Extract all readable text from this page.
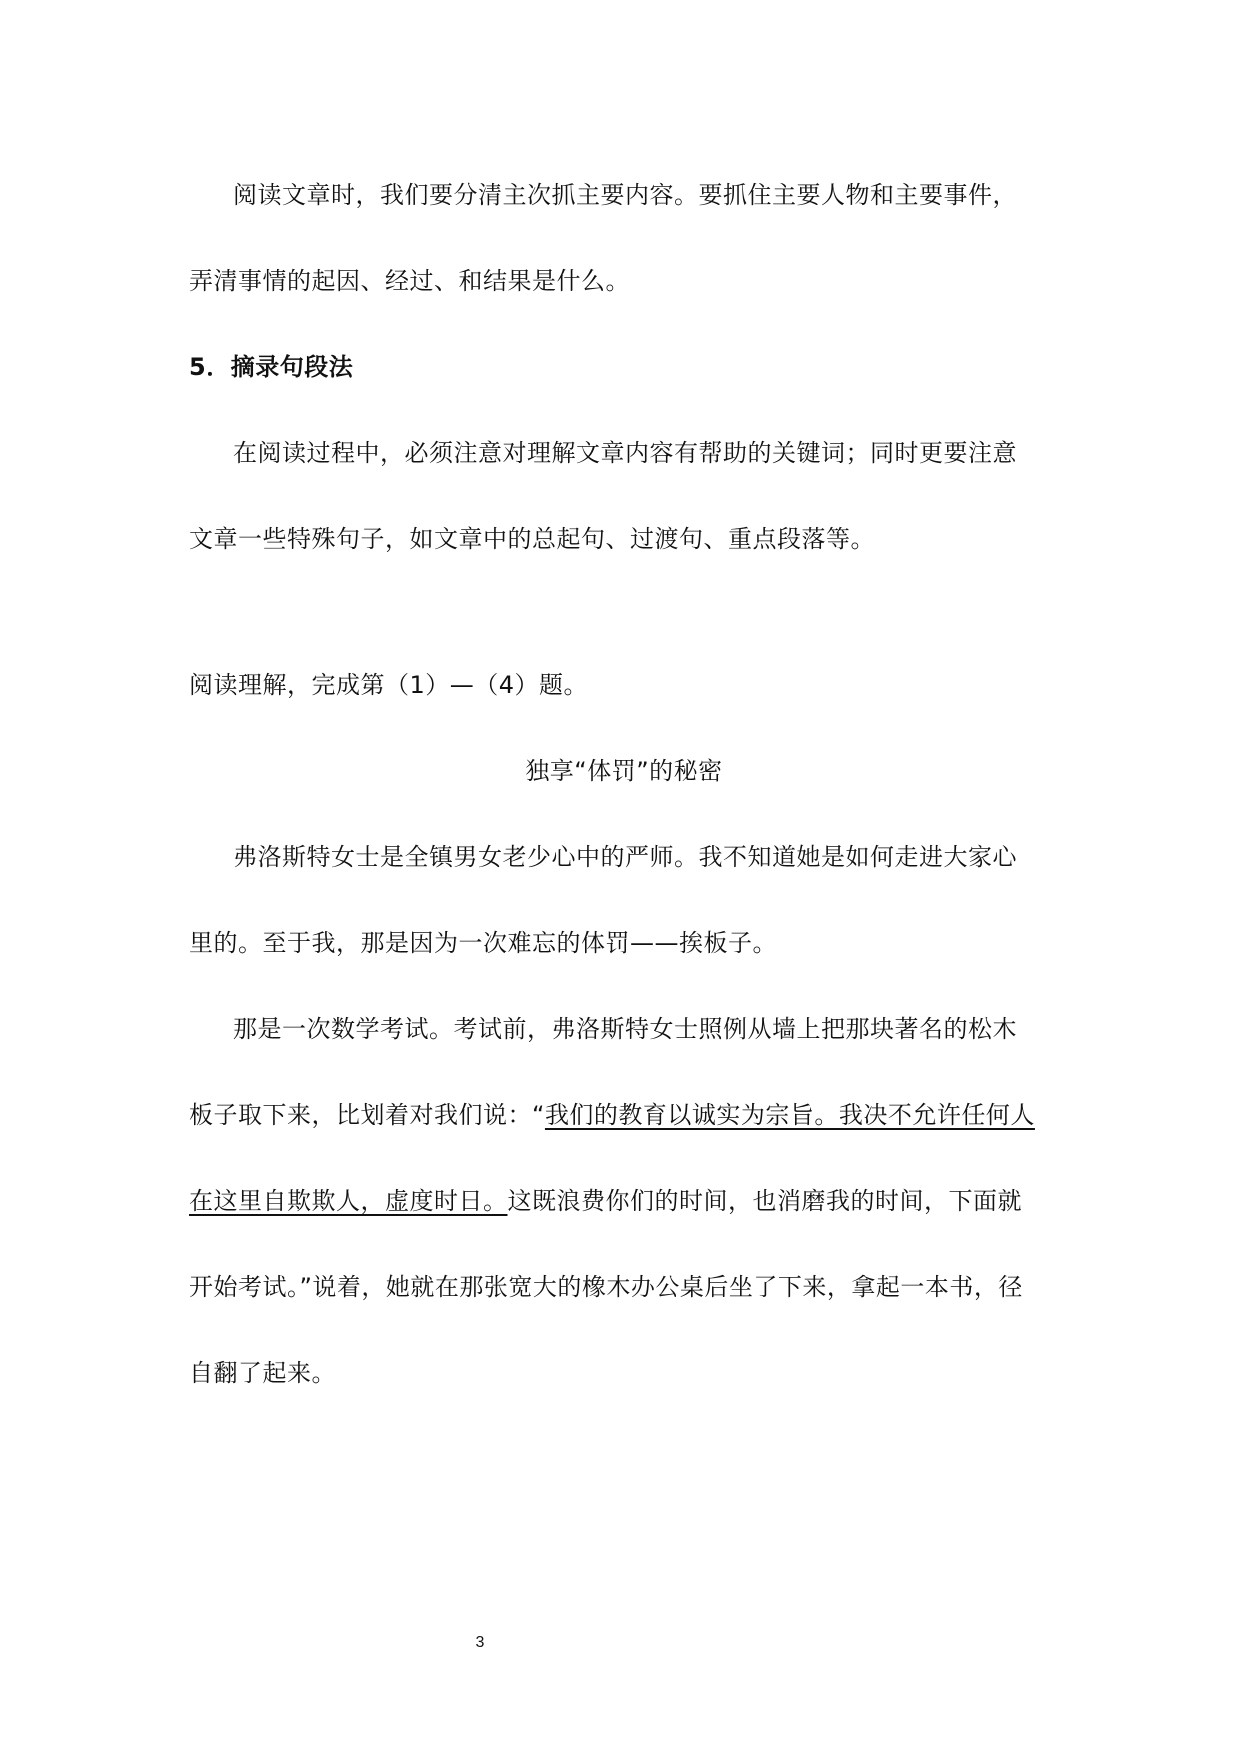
阅读文章时，我们要分清主次抓主要内容。要抓住主要人物和主要事件，
弄清事情的起因、经过、和结果是什么。
5．摘录句段法
在阅读过程中，必须注意对理解文章内容有帮助的关键词；同时更要注意
文章一些特殊句子，如文章中的总起句、过渡句、重点段落等。
阅读理解，完成第（1）—（4）题。
独享“体罚”的秘密
弗洛斯特女士是全镇男女老少心中的严师。我不知道她是如何走进大家心
里的。至于我，那是因为一次难忘的体罚——挨板子。
那是一次数学考试。考试前，弗洛斯特女士照例从墙上把那块著名的松木
板子取下来，比划着对我们说：“我们的教育以诚实为宗旨。我决不允许任何人
在这里自欺欺人，虚度时日。这既浪费你们的时间，也消磨我的时间，下面就
开始考试。”说着，她就在那张宽大的橡木办公桌后坐了下来，拿起一本书，径
自翻了起来。
3
